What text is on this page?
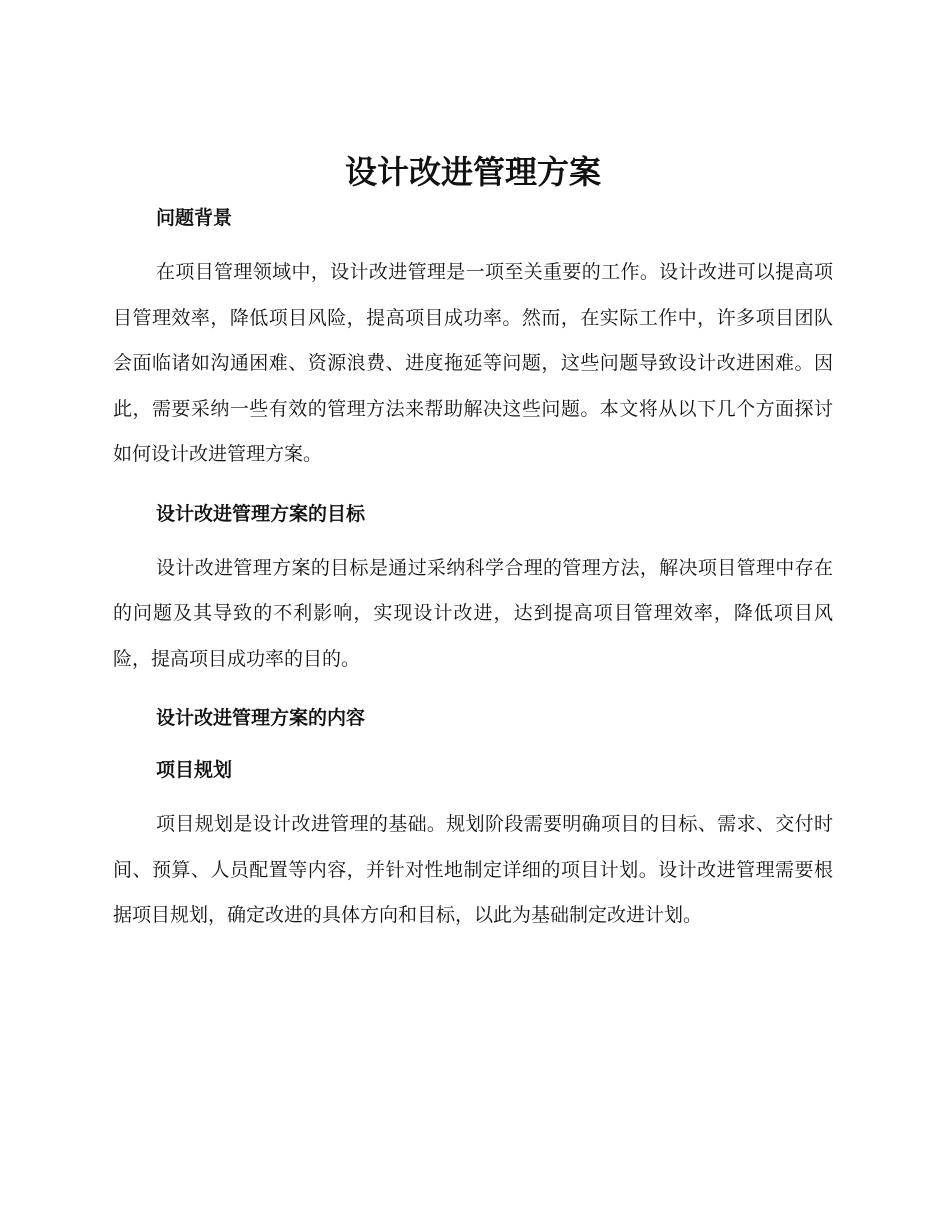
设计改进管理方案
问题背景

在项目管理领域中，设计改进管理是一项至关重要的工作。设计改进可以提高项目管理效率，降低项目风险，提高项目成功率。然而，在实际工作中，许多项目团队会面临诸如沟通困难、资源浪费、进度拖延等问题，这些问题导致设计改进困难。因此，需要采纳一些有效的管理方法来帮助解决这些问题。本文将从以下几个方面探讨如何设计改进管理方案。

设计改进管理方案的目标

设计改进管理方案的目标是通过采纳科学合理的管理方法，解决项目管理中存在的问题及其导致的不利影响，实现设计改进，达到提高项目管理效率，降低项目风险，提高项目成功率的目的。

设计改进管理方案的内容
项目规划

项目规划是设计改进管理的基础。规划阶段需要明确项目的目标、需求、交付时间、预算、人员配置等内容，并针对性地制定详细的项目计划。设计改进管理需要根据项目规划，确定改进的具体方向和目标，以此为基础制定改进计划。
